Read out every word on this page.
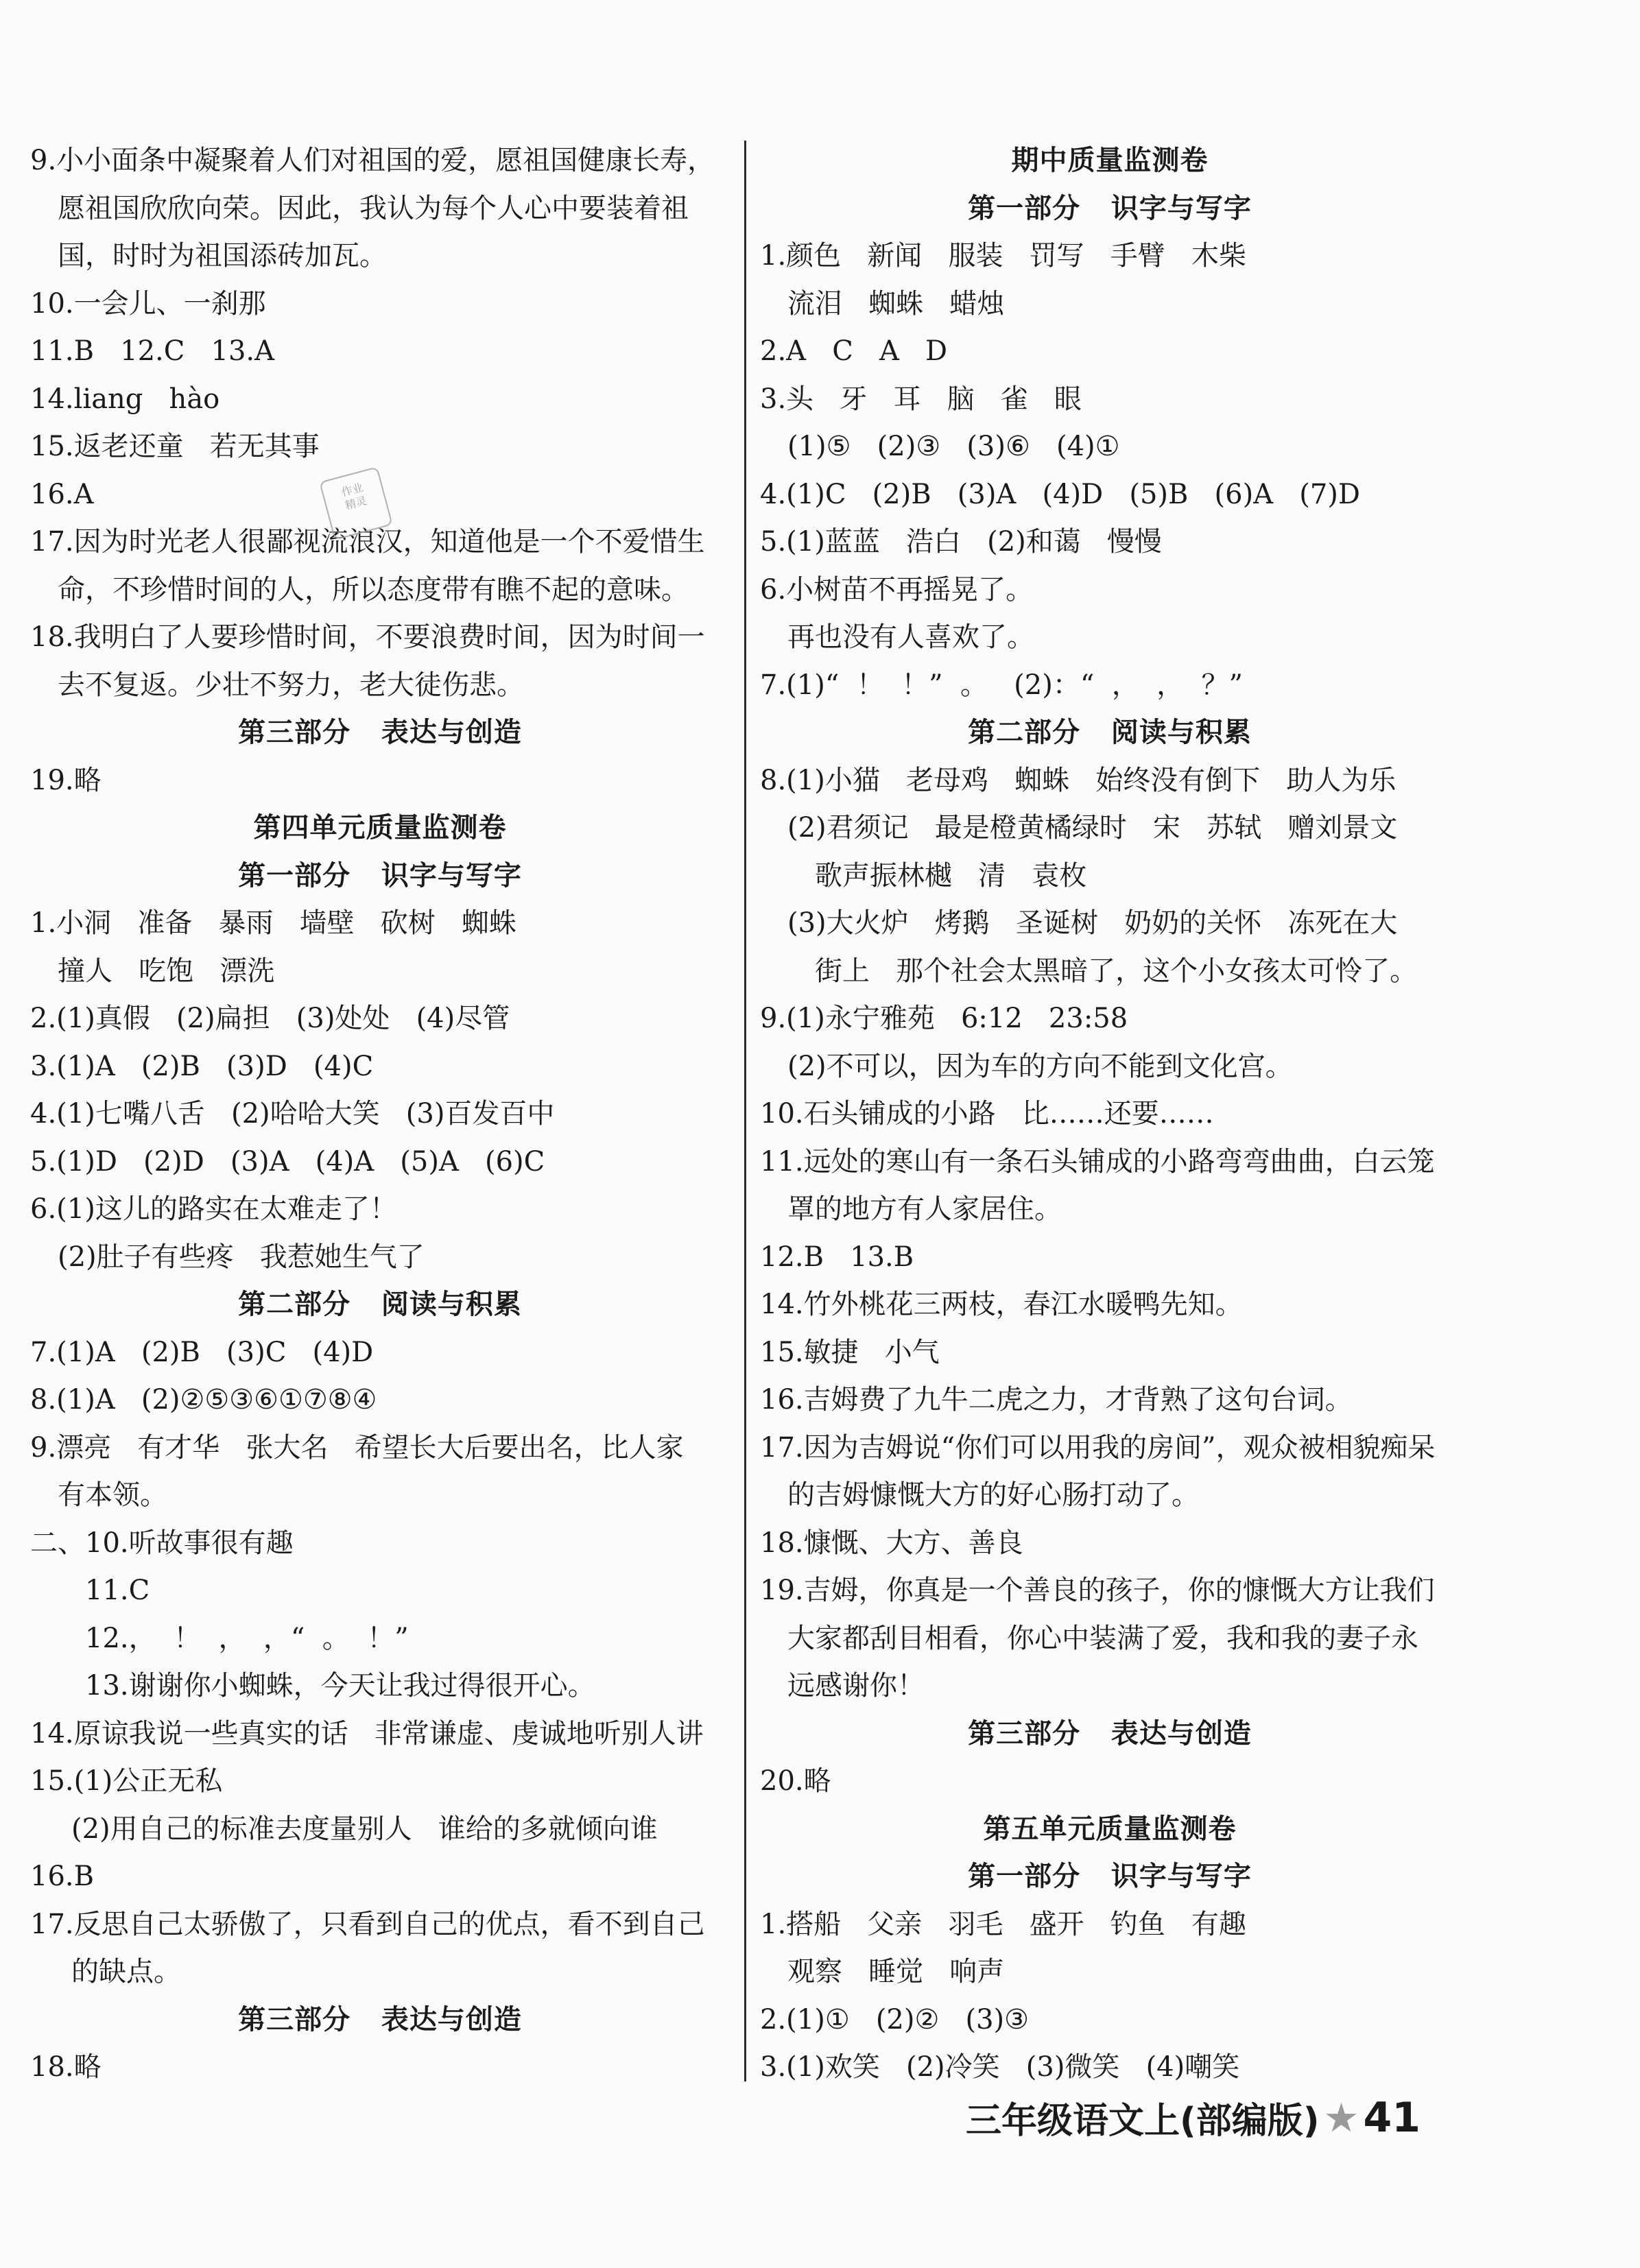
9.小小面条中凝聚着人们对祖国的爱，愿祖国健康长寿，
愿祖国欣欣向荣。因此，我认为每个人心中要装着祖
国，时时为祖国添砖加瓦。
10.一会儿、一刹那
11.B   12.C   13.A
14.liang   hào
15.返老还童   若无其事
16.A
17.因为时光老人很鄙视流浪汉，知道他是一个不爱惜生
命，不珍惜时间的人，所以态度带有瞧不起的意味。
18.我明白了人要珍惜时间，不要浪费时间，因为时间一
去不复返。少壮不努力，老大徒伤悲。
第三部分   表达与创造
19.略
第四单元质量监测卷
第一部分   识字与写字
1.小洞   准备   暴雨   墙壁   砍树   蜘蛛
撞人   吃饱   漂洗
2.(1)真假   (2)扁担   (3)处处   (4)尽管
3.(1)A   (2)B   (3)D   (4)C
4.(1)七嘴八舌   (2)哈哈大笑   (3)百发百中
5.(1)D   (2)D   (3)A   (4)A   (5)A   (6)C
6.(1)这儿的路实在太难走了！
(2)肚子有些疼   我惹她生气了
第二部分   阅读与积累
7.(1)A   (2)B   (3)C   (4)D
8.(1)A   (2)②⑤③⑥①⑦⑧④
9.漂亮   有才华   张大名   希望长大后要出名，比人家
有本领。
二、10.听故事很有趣
11.C
12.，  ！  ，  ，“  。  ！”
13.谢谢你小蜘蛛，今天让我过得很开心。
14.原谅我说一些真实的话   非常谦虚、虔诚地听别人讲
15.(1)公正无私
(2)用自己的标准去度量别人   谁给的多就倾向谁
16.B
17.反思自己太骄傲了，只看到自己的优点，看不到自己
的缺点。
第三部分   表达与创造
18.略
期中质量监测卷
第一部分   识字与写字
1.颜色   新闻   服装   罚写   手臂   木柴
流泪   蜘蛛   蜡烛
2.A   C   A   D
3.头   牙   耳   脑   雀   眼
(1)⑤   (2)③   (3)⑥   (4)①
4.(1)C   (2)B   (3)A   (4)D   (5)B   (6)A   (7)D
5.(1)蓝蓝   浩白   (2)和蔼   慢慢
6.小树苗不再摇晃了。
再也没有人喜欢了。
7.(1)“  ！  ！”  。   (2)：“  ，  ，  ？”
第二部分   阅读与积累
8.(1)小猫   老母鸡   蜘蛛   始终没有倒下   助人为乐
(2)君须记   最是橙黄橘绿时   宋   苏轼   赠刘景文
歌声振林樾   清   袁枚
(3)大火炉   烤鹅   圣诞树   奶奶的关怀   冻死在大
街上   那个社会太黑暗了，这个小女孩太可怜了。
9.(1)永宁雅苑   6:12   23:58
(2)不可以，因为车的方向不能到文化宫。
10.石头铺成的小路   比……还要……
11.远处的寒山有一条石头铺成的小路弯弯曲曲，白云笼
罩的地方有人家居住。
12.B   13.B
14.竹外桃花三两枝，春江水暖鸭先知。
15.敏捷   小气
16.吉姆费了九牛二虎之力，才背熟了这句台词。
17.因为吉姆说“你们可以用我的房间”，观众被相貌痴呆
的吉姆慷慨大方的好心肠打动了。
18.慷慨、大方、善良
19.吉姆，你真是一个善良的孩子，你的慷慨大方让我们
大家都刮目相看，你心中装满了爱，我和我的妻子永
远感谢你！
第三部分   表达与创造
20.略
第五单元质量监测卷
第一部分   识字与写字
1.搭船   父亲   羽毛   盛开   钓鱼   有趣
观察   睡觉   响声
2.(1)①   (2)②   (3)③
3.(1)欢笑   (2)冷笑   (3)微笑   (4)嘲笑
作业
精灵
三年级语文上(部编版) ★ 41
